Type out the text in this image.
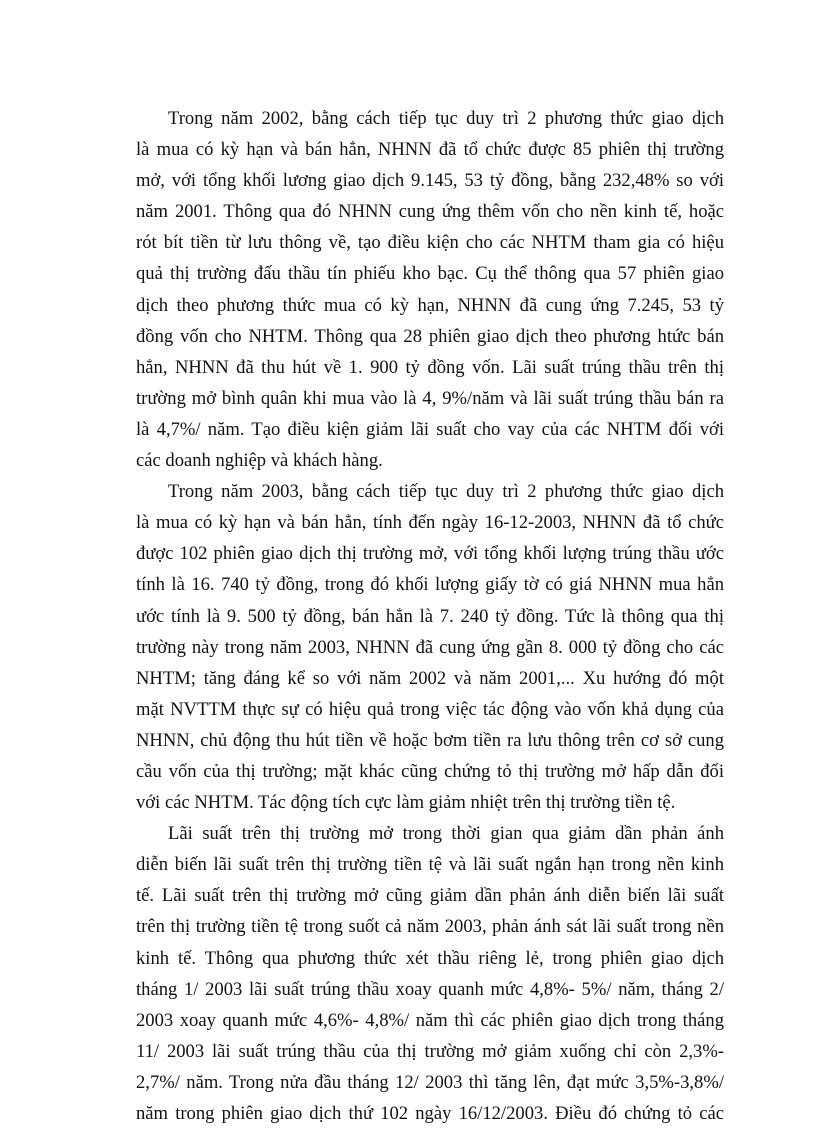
Trong năm 2002, bằng cách tiếp tục duy trì 2 phương thức giao dịch
là mua có kỳ hạn và bán hẳn, NHNN đã tổ chức được 85 phiên thị trường
mở, với tổng khối lương giao dịch 9.145, 53 tỷ đồng, bằng 232,48% so với
năm 2001. Thông qua đó NHNN cung ứng thêm vốn cho nền kinh tế, hoặc
rót bít tiền từ lưu thông về, tạo điều kiện cho các NHTM tham gia có hiệu
quả thị trường đấu thầu tín phiếu kho bạc. Cụ thể thông qua 57 phiên giao
dịch theo phương thức mua có kỳ hạn, NHNN đã cung ứng 7.245, 53 tỷ
đồng vốn cho NHTM. Thông qua 28 phiên giao dịch theo phương htức bán
hẳn, NHNN đã thu hút về 1. 900 tỷ đồng vốn. Lãi suất trúng thầu trên thị
trường mở bình quân khi mua vào là 4, 9%/năm và lãi suất trúng thầu bán ra
là 4,7%/ năm. Tạo điều kiện giảm lãi suất cho vay của các NHTM đối với
các doanh nghiệp và khách hàng.
Trong năm 2003, bằng cách tiếp tục duy trì 2 phương thức giao dịch
là mua có kỳ hạn và bán hẳn, tính đến ngày 16-12-2003, NHNN đã tổ chức
được 102 phiên giao dịch thị trường mở, với tổng khối lượng trúng thầu ước
tính là 16. 740 tỷ đồng, trong đó khối lượng giấy tờ có giá NHNN mua hẳn
ước tính là 9. 500 tỷ đồng, bán hẳn là 7. 240 tỷ đồng. Tức là thông qua thị
trường này trong năm 2003, NHNN đã cung ứng gần 8. 000 tỷ đồng cho các
NHTM; tăng đáng kể so với năm 2002 và năm 2001,... Xu hướng đó một
mặt NVTTM thực sự có hiệu quả trong việc tác động vào vốn khả dụng của
NHNN, chủ động thu hút tiền về hoặc bơm tiền ra lưu thông trên cơ sở cung
cầu vốn của thị trường; mặt khác cũng chứng tỏ thị trường mở hấp dẫn đối
với các NHTM. Tác động tích cực làm giảm nhiệt trên thị trường tiền tệ.
Lãi suất trên thị trường mở trong thời gian qua giảm dần phản ánh
diễn biến lãi suất trên thị trường tiền tệ và lãi suất ngắn hạn trong nền kinh
tế. Lãi suất trên thị trường mở cũng giảm dần phản ánh diễn biến lãi suất
trên thị trường tiền tệ trong suốt cả năm 2003, phản ánh sát lãi suất trong nền
kinh tế. Thông qua phương thức xét thầu riêng lẻ, trong phiên giao dịch
tháng 1/ 2003 lãi suất trúng thầu xoay quanh mức 4,8%- 5%/ năm, tháng 2/
2003 xoay quanh mức 4,6%- 4,8%/ năm thì các phiên giao dịch trong tháng
11/ 2003 lãi suất trúng thầu của thị trường mở giảm xuống chỉ còn 2,3%-
2,7%/ năm. Trong nửa đầu tháng 12/ 2003 thì tăng lên, đạt mức 3,5%-3,8%/
năm trong phiên giao dịch thứ 102 ngày 16/12/2003. Điều đó chứng tỏ các
